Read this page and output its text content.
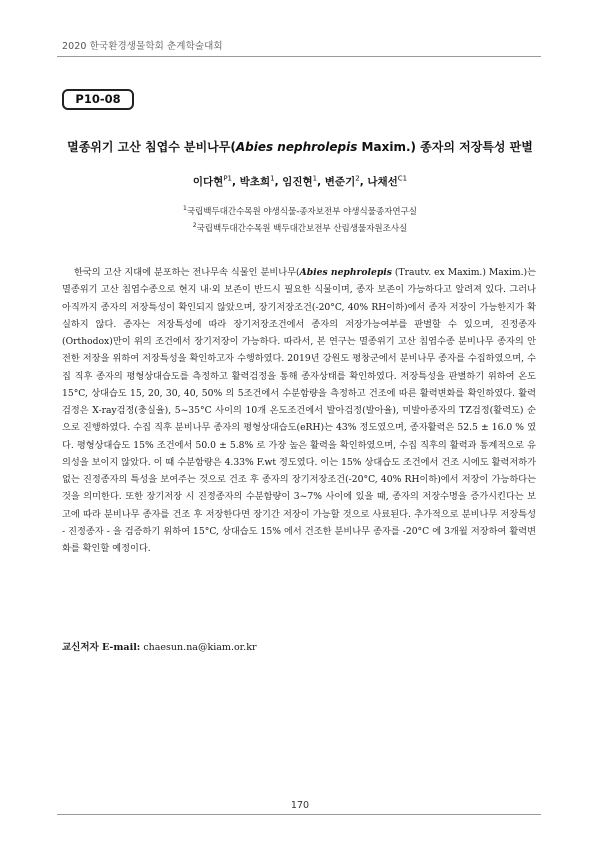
2020 한국환경생물학회 춘계학술대회
P10-08
멸종위기 고산 침엽수 분비나무(Abies nephrolepis Maxim.) 종자의 저장특성 판별
이다현$^{P1}$, 박초희$^1$, 임진현$^1$, 변준기$^2$, 나채선$^{C1}$
$^1$국립백두대간수목원 야생식물-종자보전부 야생식물종자연구실
$^2$국립백두대간수목원 백두대간보전부 산림생물자원조사실

한국의 고산 지대에 분포하는 전나무속 식물인 분비나무(Abies nephrolepis (Trautv. ex Maxim.) Maxim.)는 멸종위기 고산 침엽수종으로 현지 내·외 보존이 반드시 필요한 식물이며, 종자 보존이 가능하다고 알려져 있다. 그러나 아직까지 종자의 저장특성이 확인되지 않았으며, 장기저장조건(-20°C, 40% RH이하)에서 종자 저장이 가능한지가 확실하지 않다. 종자는 저장특성에 따라 장기저장조건에서 종자의 저장가능여부를 판별할 수 있으며, 진정종자(Orthodox)만이 위의 조건에서 장기저장이 가능하다. 따라서, 본 연구는 멸종위기 고산 침엽수종 분비나무 종자의 안전한 저장을 위하여 저장특성을 확인하고자 수행하였다. 2019년 강원도 평창군에서 분비나무 종자를 수집하였으며, 수집 직후 종자의 평형상대습도를 측정하고 활력검정을 통해 종자상태를 확인하였다. 저장특성을 판별하기 위하여 온도 15°C, 상대습도 15, 20, 30, 40, 50% 의 5조건에서 수분함량을 측정하고 건조에 따른 활력변화를 확인하였다. 활력검정은 X-ray검정(충실율), 5~35°C 사이의 10개 온도조건에서 발아검정(발아율), 미발아종자의 TZ검정(활력도) 순으로 진행하였다. 수집 직후 분비나무 종자의 평형상대습도(eRH)는 43% 정도였으며, 종자활력은 52.5 ± 16.0 % 였다. 평형상대습도 15% 조건에서 50.0 ± 5.8% 로 가장 높은 활력을 확인하였으며, 수집 직후의 활력과 통계적으로 유의성을 보이지 않았다. 이 때 수분함량은 4.33% F.wt 정도였다. 이는 15% 상대습도 조건에서 건조 시에도 활력저하가 없는 진정종자의 특성을 보여주는 것으로 건조 후 종자의 장기저장조건(-20°C, 40% RH이하)에서 저장이 가능하다는 것을 의미한다. 또한 장기저장 시 진정종자의 수분함량이 3~7% 사이에 있을 때, 종자의 저장수명을 증가시킨다는 보고에 따라 분비나무 종자를 건조 후 저장한다면 장기간 저장이 가능할 것으로 사료된다. 추가적으로 분비나무 저장특성 - 진정종자 - 을 검증하기 위하여 15°C, 상대습도 15% 에서 건조한 분비나무 종자를 -20°C 에 3개월 저장하여 활력변화를 확인할 예정이다.

교신저자 E-mail: chaesun.na@kiam.or.kr
170
